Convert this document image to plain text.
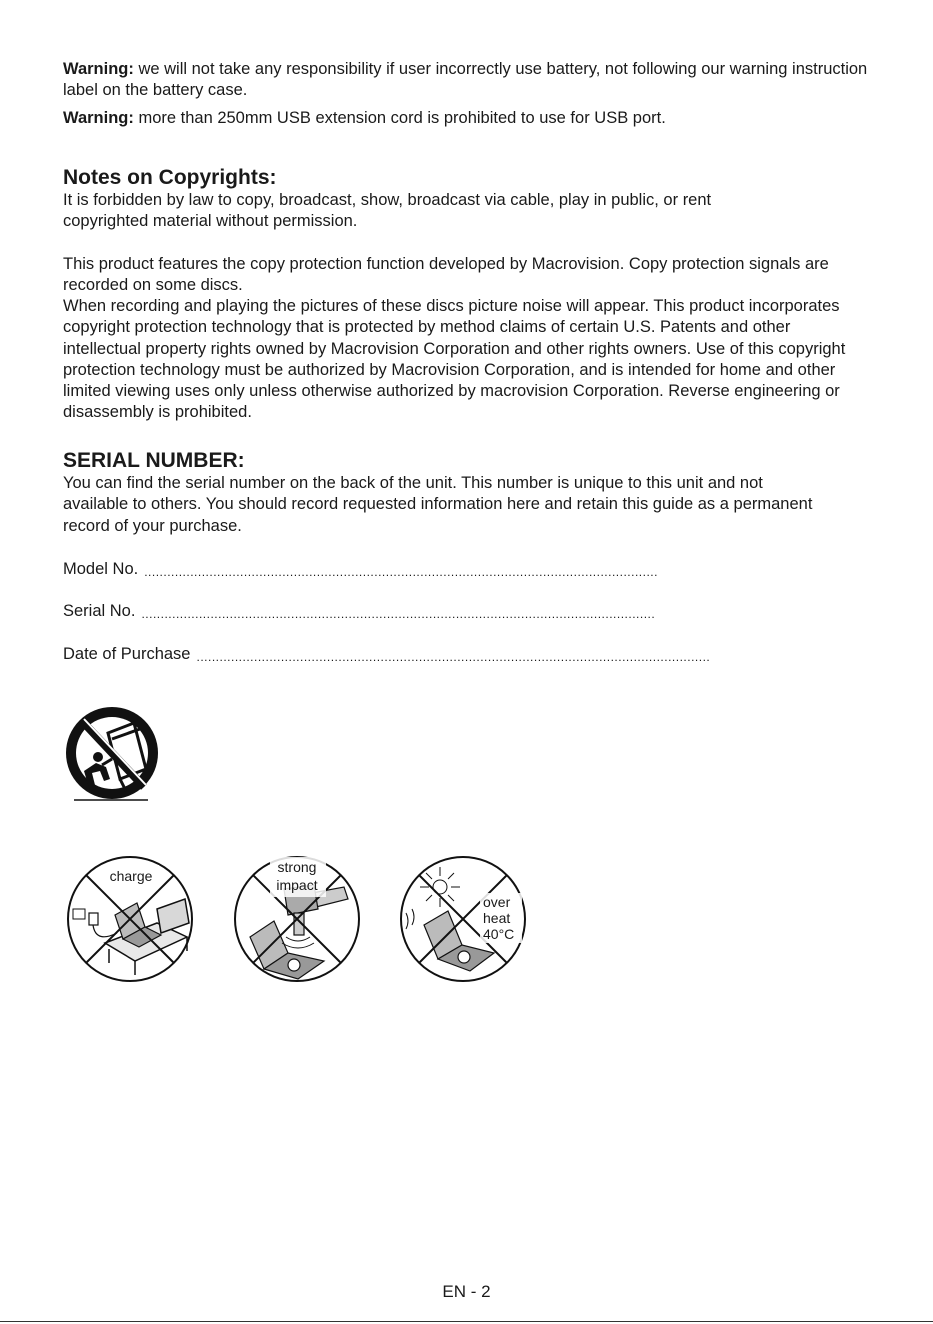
Warning: we will not take any responsibility if user incorrectly use battery, not following our warning instruction label on the battery case.

Warning: more than 250mm USB extension cord is prohibited to use for USB port.

Notes on Copyrights:

It is forbidden by law to copy, broadcast, show, broadcast via cable, play in public, or rent copyrighted material without permission.

This product features the copy protection function developed by Macrovision. Copy protection signals are recorded on some discs.

When recording and playing the pictures of these discs picture noise will appear. This product incorporates copyright protection technology that is protected by method claims of certain U.S. Patents and other intellectual property rights owned by Macrovision Corporation and other rights owners. Use of this copyright protection technology must be authorized by Macrovision Corporation, and is intended for home and other limited viewing uses only unless otherwise authorized by macrovision Corporation. Reverse engineering or disassembly is prohibited.

SERIAL NUMBER:

You can find the serial number on the back of the unit. This number is unique to this unit and not available to others. You should record requested information here and retain this guide as a permanent record of your purchase.

Model No. ......................................................................................................................................
Serial No. ......................................................................................................................................
Date of Purchase ......................................................................................................................................
charge
strong
impact
over
heat
40°C
EN - 2
